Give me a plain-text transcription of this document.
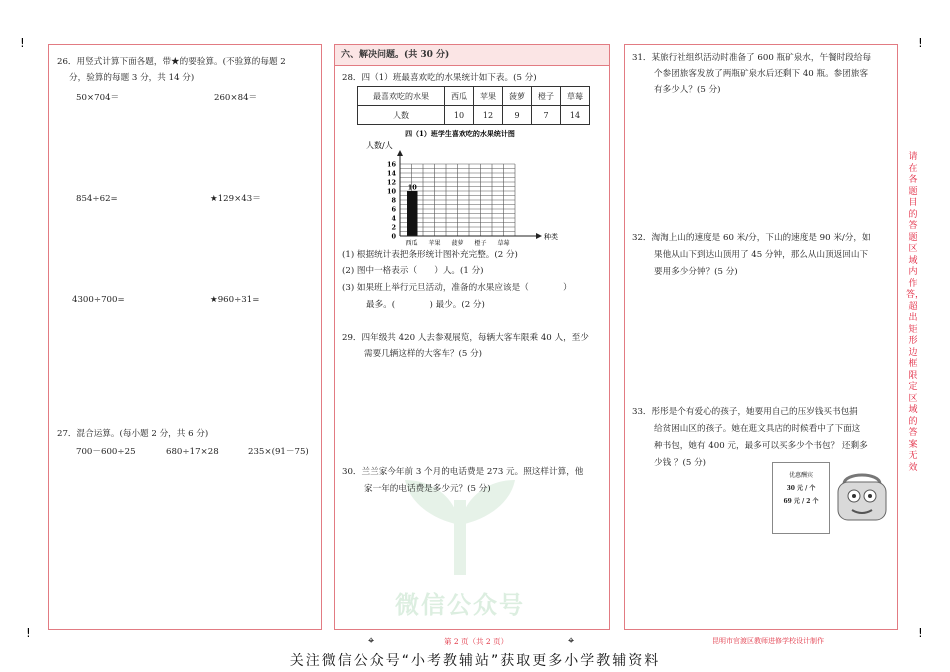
!	!
!	!
⌖	⌖
微信公众号
26．用竖式计算下面各题，带★的要验算。(不验算的每题 2
分，验算的每题 3 分，共 14 分)
50×704＝	260×84＝
854÷62=	★129×43＝
4300÷700=	★960÷31=
27．混合运算。(每小题 2 分，共 6 分)
700－600÷25	680÷17×28	235×(91－75)
六、解决问题。(共 30 分)
28．四（1）班最喜欢吃的水果统计如下表。(5 分)
最喜欢吃的水果	西瓜	苹果	菠萝	橙子	草莓
人数	10	12	9	7	14
四（1）班学生喜欢吃的水果统计图
人数/人
10
0
2
4
6
8
10
12
14
16
西瓜 苹果 菠萝 橙子 草莓
种类
(1) 根据统计表把条形统计图补充完整。(2 分)
(2) 图中一格表示（　　）人。(1 分)
(3) 如果班上举行元旦活动，准备的水果应该是（　　　　）
最多。(　　　　) 最少。(2 分)
29．四年级共 420 人去参观展览，每辆大客车限乘 40 人，至少
需要几辆这样的大客车？(5 分)
30．兰兰家今年前 3 个月的电话费是 273 元。照这样计算，他
家一年的电话费是多少元？(5 分)
31．某旅行社组织活动时准备了 600 瓶矿泉水，午餐时段给每
个参团旅客发放了两瓶矿泉水后还剩下 40 瓶。参团旅客
有多少人？(5 分)
32．淘淘上山的速度是 60 米/分，下山的速度是 90 米/分，如
果他从山下到达山顶用了 45 分钟，那么从山顶返回山下
要用多少分钟？(5 分)
33．彤彤是个有爱心的孩子，她要用自己的压岁钱买书包捐
给贫困山区的孩子。她在逛文具店的时候看中了下面这
种书包，她有 400 元，最多可以买多少个书包？ 还剩多
少钱 ？(5 分)
优惠酬宾
30 元 / 个
69 元 / 2 个
请在各题目的答题区域内作答，超出矩形边框限定区域的答案无效
第 2 页（共 2 页）	昆明市官渡区教师进修学校设计制作
关注微信公众号“小考教辅站”获取更多小学教辅资料
